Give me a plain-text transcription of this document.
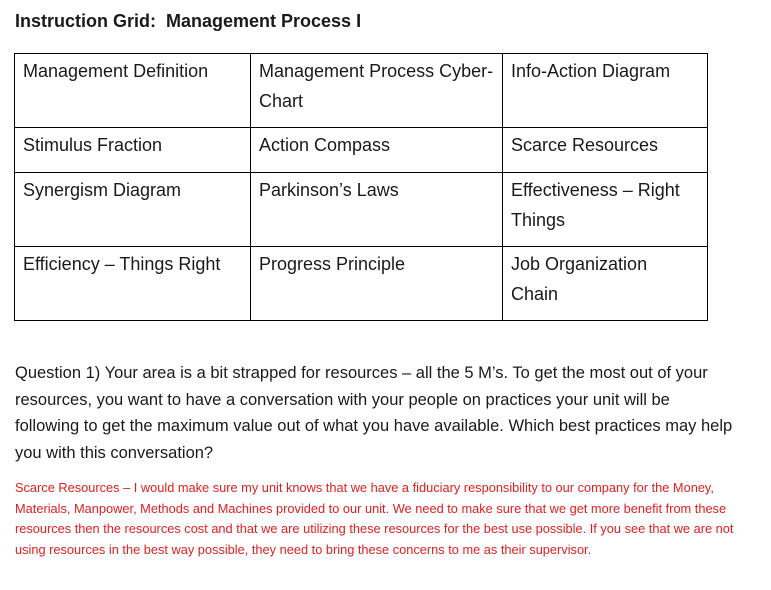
Instruction Grid:  Management Process I
Management Definition	Management Process Cyber-Chart	Info-Action Diagram
Stimulus Fraction	Action Compass	Scarce Resources
Synergism Diagram	Parkinson’s Laws	Effectiveness – Right Things
Efficiency – Things Right	Progress Principle	Job Organization Chain
Question 1) Your area is a bit strapped for resources – all the 5 M’s. To get the most out of your resources, you want to have a conversation with your people on practices your unit will be following to get the maximum value out of what you have available. Which best practices may help you with this conversation?
Scarce Resources – I would make sure my unit knows that we have a fiduciary responsibility to our company for the Money, Materials, Manpower, Methods and Machines provided to our unit. We need to make sure that we get more benefit from these resources then the resources cost and that we are utilizing these resources for the best use possible. If you see that we are not using resources in the best way possible, they need to bring these concerns to me as their supervisor.
